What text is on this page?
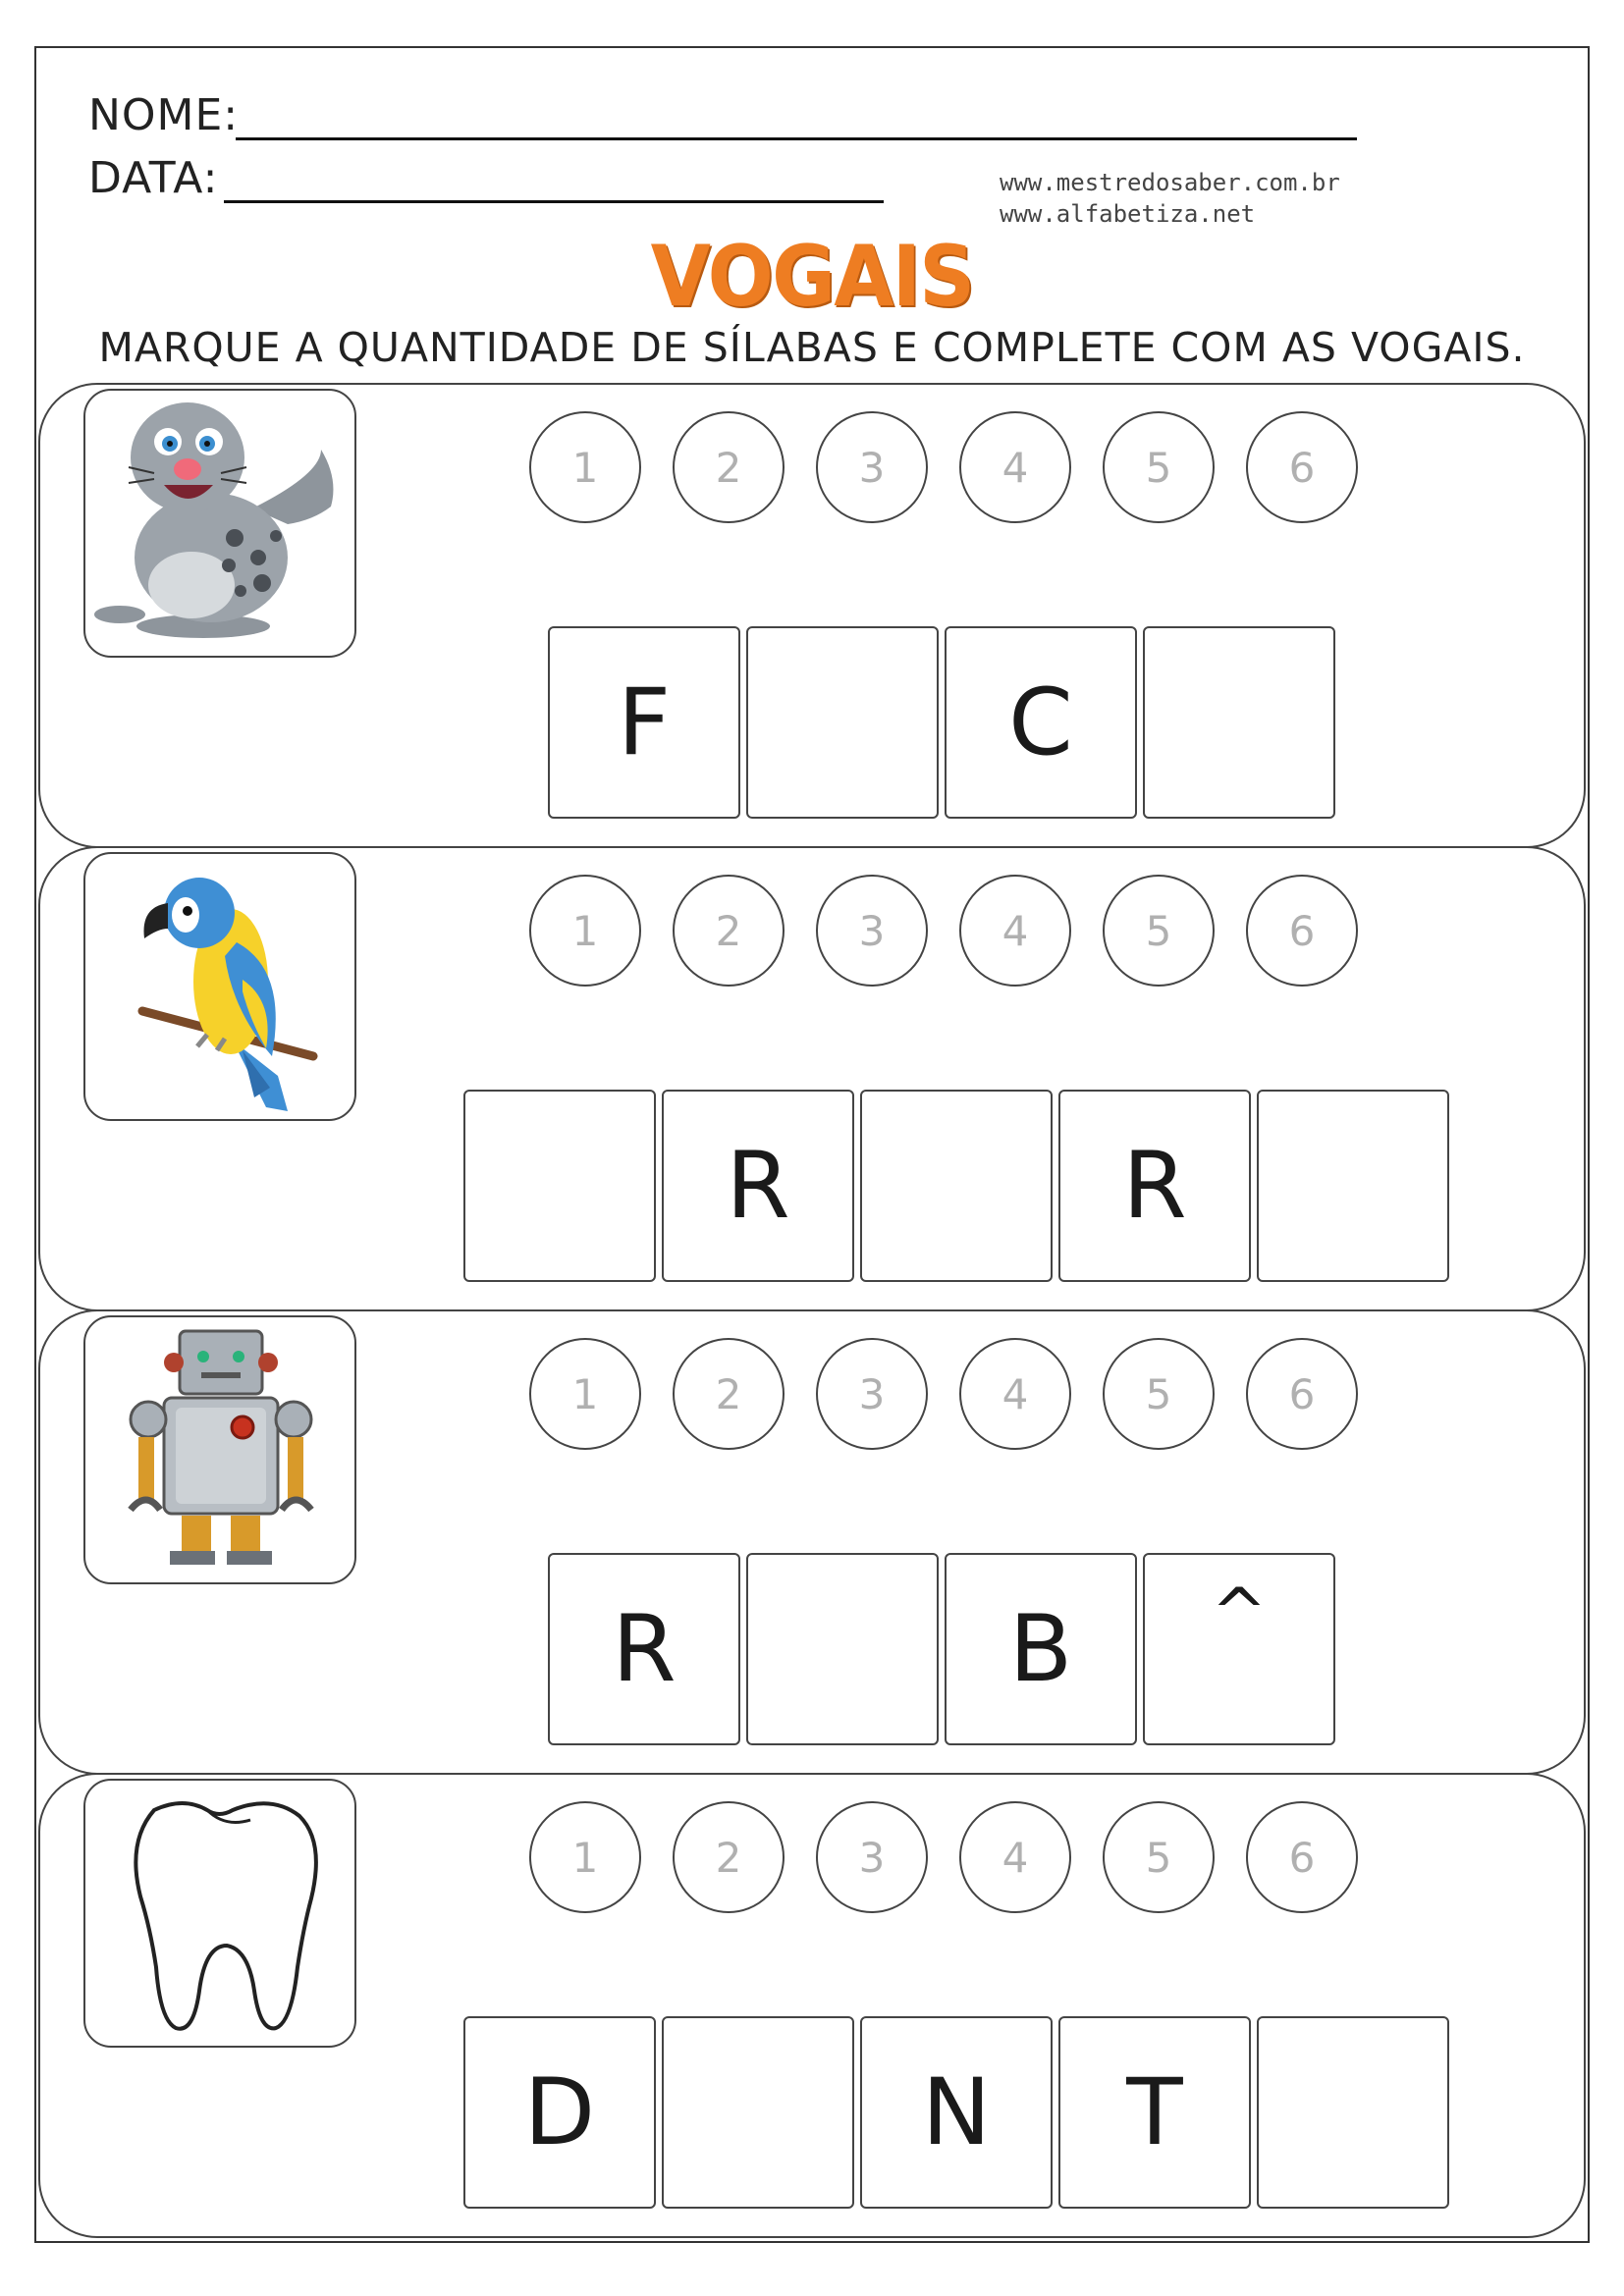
NOME:
DATA:	www.mestredosaber.com.br
www.alfabetiza.net
VOGAIS
MARQUE A QUANTIDADE DE SÍLABAS E COMPLETE COM AS VOGAIS.
1	2	3	4	5	6
F	C
1	2	3	4	5	6
R	R
1	2	3	4	5	6
R	B	^
1	2	3	4	5	6
D	N	T
